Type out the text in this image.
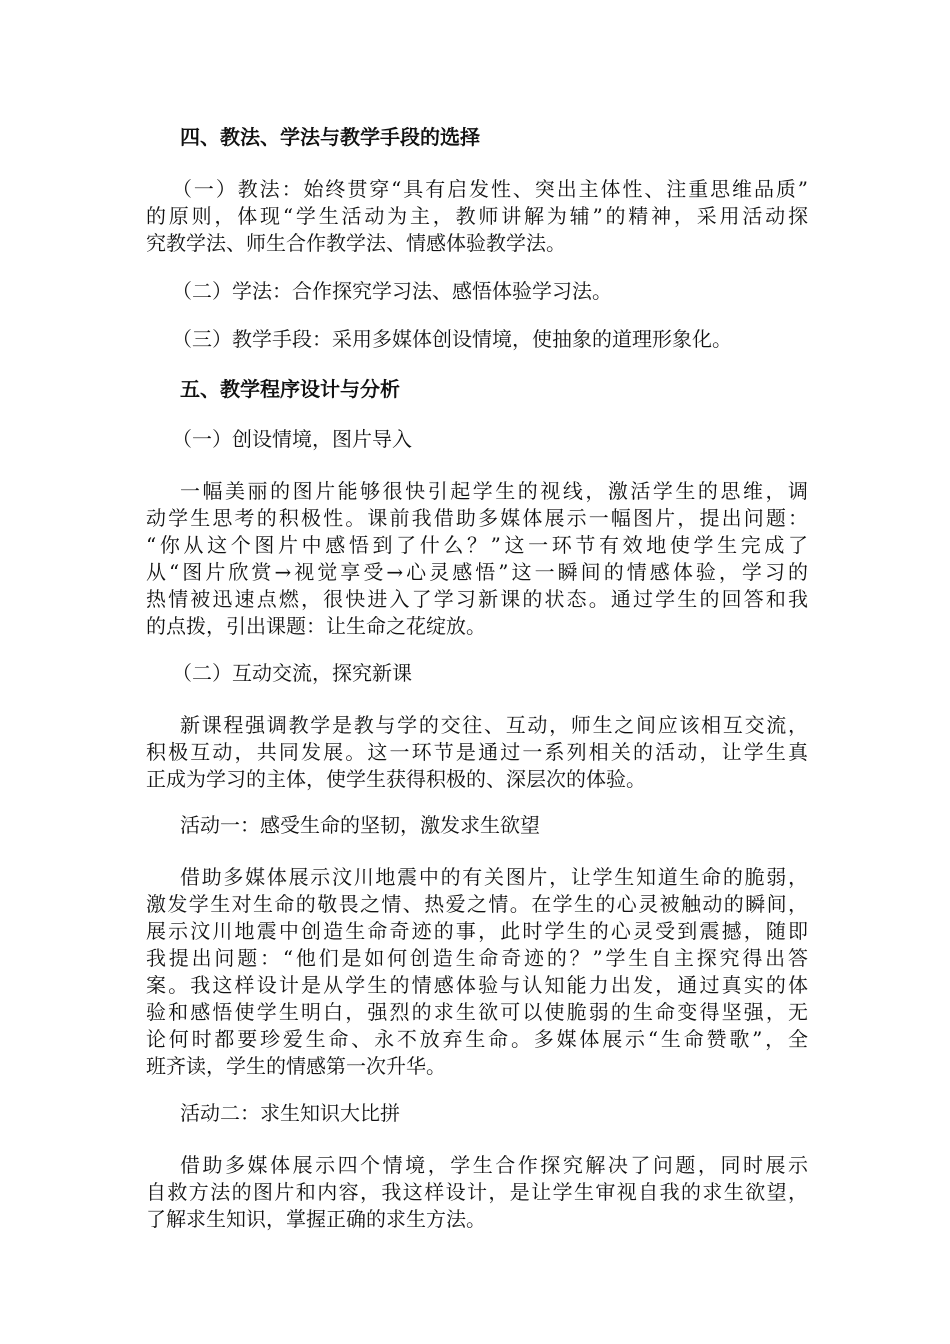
四、教法、学法与教学手段的选择
（一）教法：始终贯穿“具有启发性、突出主体性、注重思维品质”
的原则，体现“学生活动为主，教师讲解为辅”的精神，采用活动探
究教学法、师生合作教学法、情感体验教学法。
（二）学法：合作探究学习法、感悟体验学习法。
（三）教学手段：采用多媒体创设情境，使抽象的道理形象化。
五、教学程序设计与分析
（一）创设情境，图片导入
一幅美丽的图片能够很快引起学生的视线，激活学生的思维，调
动学生思考的积极性。课前我借助多媒体展示一幅图片，提出问题：
“你从这个图片中感悟到了什么？”这一环节有效地使学生完成了
从“图片欣赏→视觉享受→心灵感悟”这一瞬间的情感体验，学习的
热情被迅速点燃，很快进入了学习新课的状态。通过学生的回答和我
的点拨，引出课题：让生命之花绽放。
（二）互动交流，探究新课
新课程强调教学是教与学的交往、互动，师生之间应该相互交流，
积极互动，共同发展。这一环节是通过一系列相关的活动，让学生真
正成为学习的主体，使学生获得积极的、深层次的体验。
活动一：感受生命的坚韧，激发求生欲望
借助多媒体展示汶川地震中的有关图片，让学生知道生命的脆弱，
激发学生对生命的敬畏之情、热爱之情。在学生的心灵被触动的瞬间，
展示汶川地震中创造生命奇迹的事，此时学生的心灵受到震撼，随即
我提出问题：“他们是如何创造生命奇迹的？”学生自主探究得出答
案。我这样设计是从学生的情感体验与认知能力出发，通过真实的体
验和感悟使学生明白，强烈的求生欲可以使脆弱的生命变得坚强，无
论何时都要珍爱生命、永不放弃生命。多媒体展示“生命赞歌”，全
班齐读，学生的情感第一次升华。
活动二：求生知识大比拼
借助多媒体展示四个情境，学生合作探究解决了问题，同时展示
自救方法的图片和内容，我这样设计，是让学生审视自我的求生欲望，
了解求生知识，掌握正确的求生方法。
